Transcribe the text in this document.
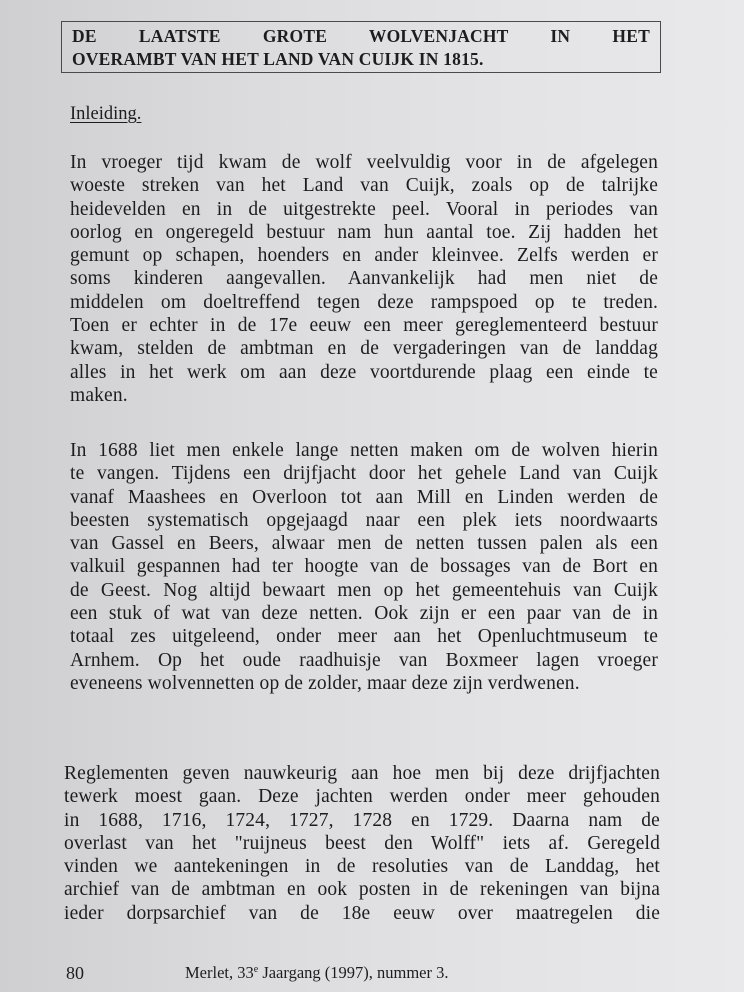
DE LAATSTE GROTE WOLVENJACHT IN HET
OVERAMBT VAN HET LAND VAN CUIJK IN 1815.
Inleiding.
In vroeger tijd kwam de wolf veelvuldig voor in de afgelegen
woeste streken van het Land van Cuijk, zoals op de talrijke
heidevelden en in de uitgestrekte peel. Vooral in periodes van
oorlog en ongeregeld bestuur nam hun aantal toe. Zij hadden het
gemunt op schapen, hoenders en ander kleinvee. Zelfs werden er
soms kinderen aangevallen. Aanvankelijk had men niet de
middelen om doeltreffend tegen deze rampspoed op te treden.
Toen er echter in de 17e eeuw een meer gereglementeerd bestuur
kwam, stelden de ambtman en de vergaderingen van de landdag
alles in het werk om aan deze voortdurende plaag een einde te
maken.
In 1688 liet men enkele lange netten maken om de wolven hierin
te vangen. Tijdens een drijfjacht door het gehele Land van Cuijk
vanaf Maashees en Overloon tot aan Mill en Linden werden de
beesten systematisch opgejaagd naar een plek iets noordwaarts
van Gassel en Beers, alwaar men de netten tussen palen als een
valkuil gespannen had ter hoogte van de bossages van de Bort en
de Geest. Nog altijd bewaart men op het gemeentehuis van Cuijk
een stuk of wat van deze netten. Ook zijn er een paar van de in
totaal zes uitgeleend, onder meer aan het Openluchtmuseum te
Arnhem. Op het oude raadhuisje van Boxmeer lagen vroeger
eveneens wolvennetten op de zolder, maar deze zijn verdwenen.
Reglementen geven nauwkeurig aan hoe men bij deze drijfjachten
tewerk moest gaan. Deze jachten werden onder meer gehouden
in 1688, 1716, 1724, 1727, 1728 en 1729. Daarna nam de
overlast van het "ruijneus beest den Wolff" iets af. Geregeld
vinden we aantekeningen in de resoluties van de Landdag, het
archief van de ambtman en ook posten in de rekeningen van bijna
ieder dorpsarchief van de 18e eeuw over maatregelen die
80	Merlet, 33e Jaargang (1997), nummer 3.
